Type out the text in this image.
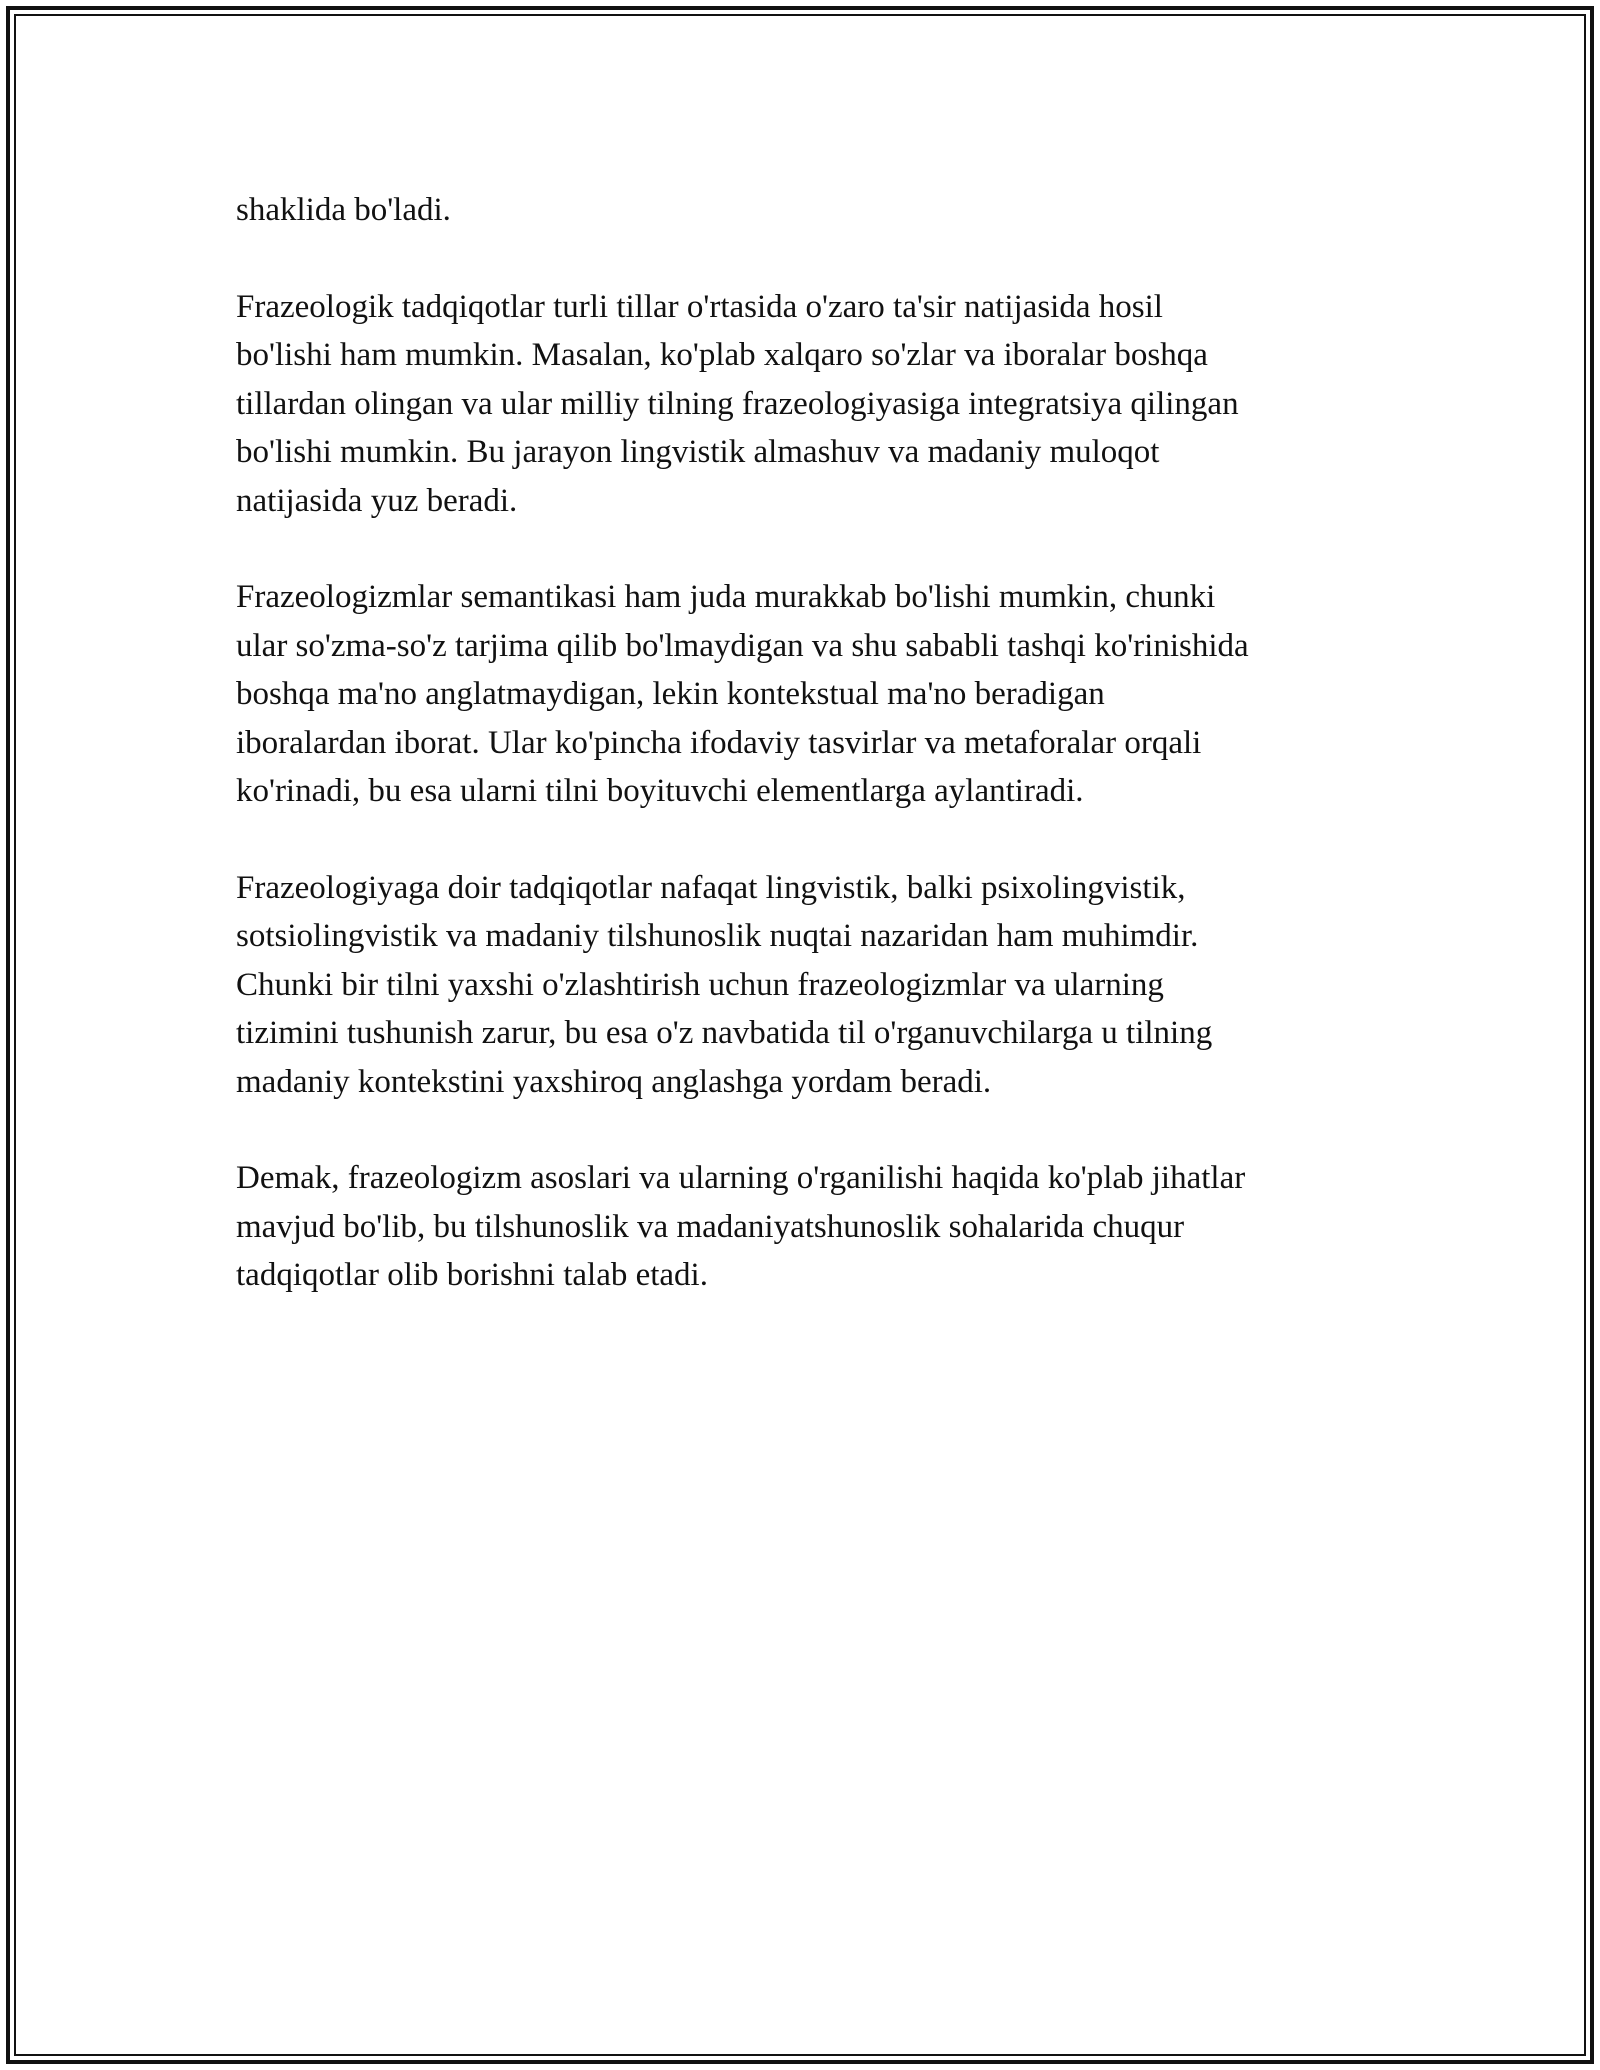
shaklida bo'ladi.

Frazeologik tadqiqotlar turli tillar o'rtasida o'zaro ta'sir natijasida hosil
bo'lishi ham mumkin. Masalan, ko'plab xalqaro so'zlar va iboralar boshqa
tillardan olingan va ular milliy tilning frazeologiyasiga integratsiya qilingan
bo'lishi mumkin. Bu jarayon lingvistik almashuv va madaniy muloqot
natijasida yuz beradi.

Frazeologizmlar semantikasi ham juda murakkab bo'lishi mumkin, chunki
ular so'zma-so'z tarjima qilib bo'lmaydigan va shu sababli tashqi ko'rinishida
boshqa ma'no anglatmaydigan, lekin kontekstual ma'no beradigan
iboralardan iborat. Ular ko'pincha ifodaviy tasvirlar va metaforalar orqali
ko'rinadi, bu esa ularni tilni boyituvchi elementlarga aylantiradi.

Frazeologiyaga doir tadqiqotlar nafaqat lingvistik, balki psixolingvistik,
sotsiolingvistik va madaniy tilshunoslik nuqtai nazaridan ham muhimdir.
Chunki bir tilni yaxshi o'zlashtirish uchun frazeologizmlar va ularning
tizimini tushunish zarur, bu esa o'z navbatida til o'rganuvchilarga u tilning
madaniy kontekstini yaxshiroq anglashga yordam beradi.

Demak, frazeologizm asoslari va ularning o'rganilishi haqida ko'plab jihatlar
mavjud bo'lib, bu tilshunoslik va madaniyatshunoslik sohalarida chuqur
tadqiqotlar olib borishni talab etadi.
